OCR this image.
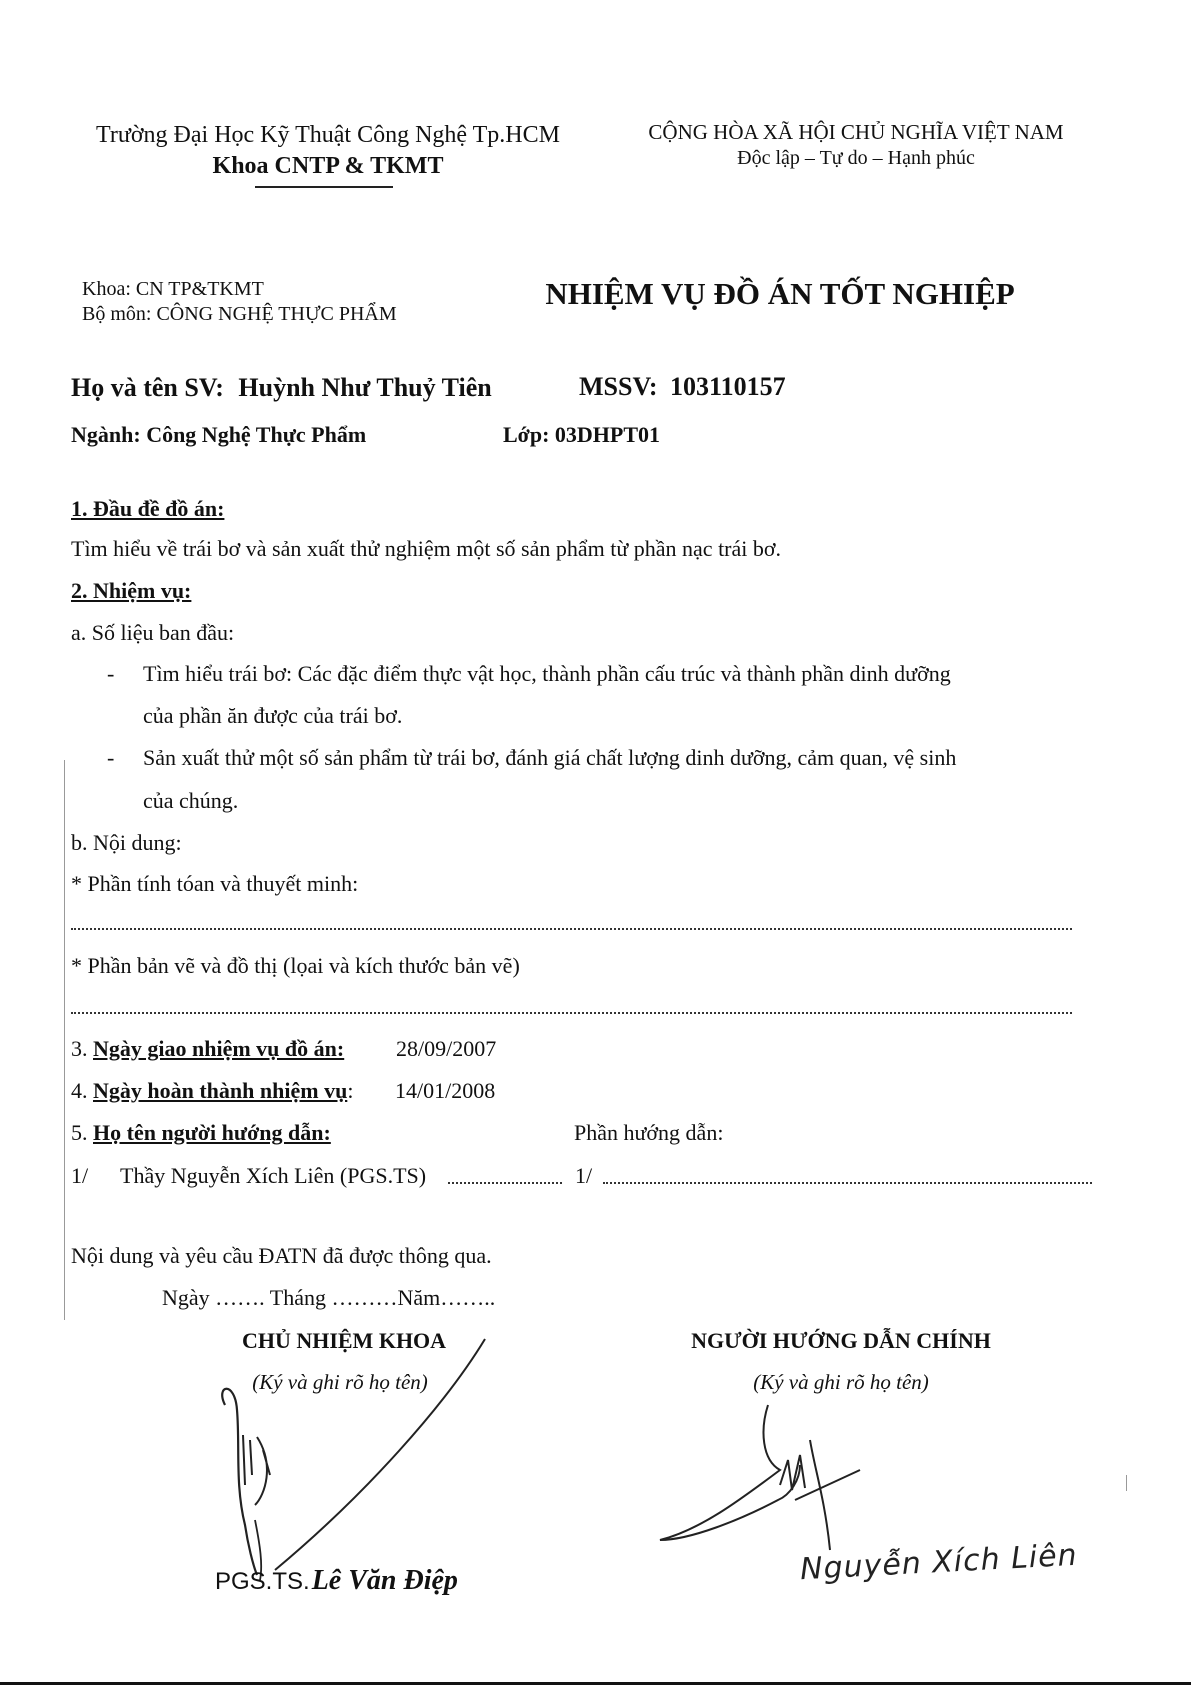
Trường Đại Học Kỹ Thuật Công Nghệ Tp.HCM
Khoa CNTP & TKMT
CỘNG HÒA XÃ HỘI CHỦ NGHĨA VIỆT NAM
Độc lập – Tự do – Hạnh phúc
Khoa: CN TP&TKMT
Bộ môn: CÔNG NGHỆ THỰC PHẨM
NHIỆM VỤ ĐỒ ÁN TỐT NGHIỆP
Họ và tên SV: Huỳnh Như Thuỷ Tiên	MSSV: 103110157
Ngành: Công Nghệ Thực Phẩm	Lớp: 03DHPT01
1. Đầu đề đồ án:
Tìm hiểu về trái bơ và sản xuất thử nghiệm một số sản phẩm từ phần nạc trái bơ.
2. Nhiệm vụ:
a. Số liệu ban đầu:
- Tìm hiểu trái bơ: Các đặc điểm thực vật học, thành phần cấu trúc và thành phần dinh dưỡng
của phần ăn được của trái bơ.
- Sản xuất thử một số sản phẩm từ trái bơ, đánh giá chất lượng dinh dưỡng, cảm quan, vệ sinh
của chúng.
b. Nội dung:
* Phần tính tóan và thuyết minh:
* Phần bản vẽ và đồ thị (lọai và kích thước bản vẽ)
3. Ngày giao nhiệm vụ đồ án: 28/09/2007
4. Ngày hoàn thành nhiệm vụ: 14/01/2008
5. Họ tên người hướng dẫn:	Phần hướng dẫn:
1/ Thầy Nguyễn Xích Liên (PGS.TS)	1/
Nội dung và yêu cầu ĐATN đã được thông qua.
Ngày ……. Tháng ………Năm……..
CHỦ NHIỆM KHOA
(Ký và ghi rõ họ tên)
NGƯỜI HƯỚNG DẪN CHÍNH
(Ký và ghi rõ họ tên)
PGS.TS.Lê Văn Điệp	Nguyễn Xích Liên
